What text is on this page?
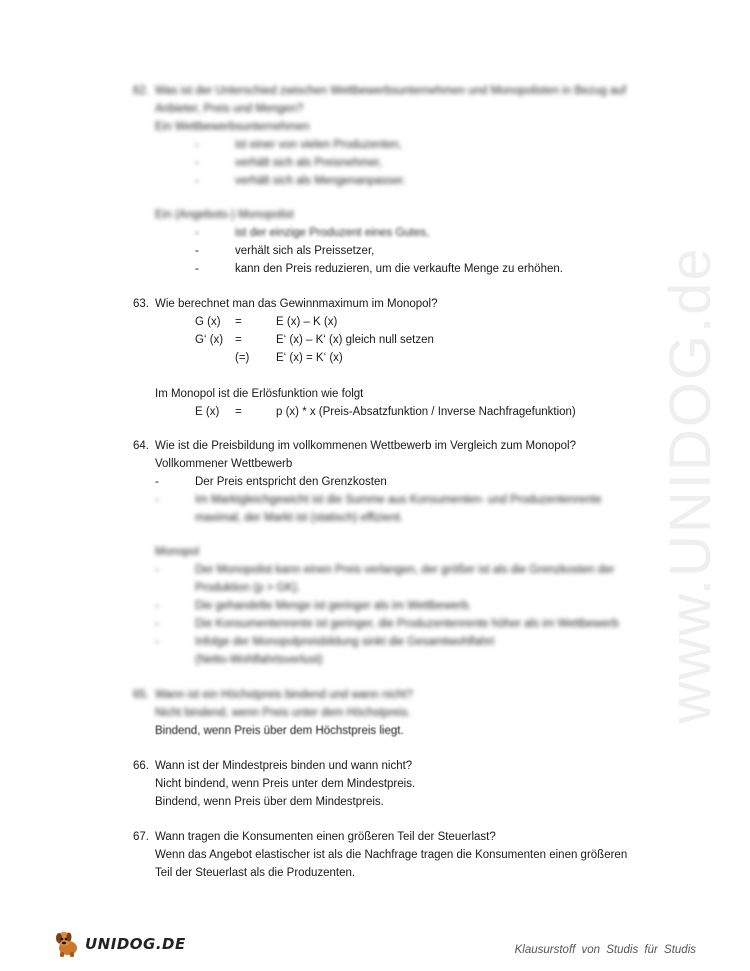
www.UNIDOG.de
62. Was ist der Unterschied zwischen Wettbewerbsunternehmen und Monopolisten in Bezug auf
Anbieter, Preis und Mengen?
Ein Wettbewerbsunternehmen
-	ist einer von vielen Produzenten,
-	verhält sich als Preisnehmer,
-	verhält sich als Mengenanpasser.
Ein (Angebots-) Monopolist
-	ist der einzige Produzent eines Gutes,
-	verhält sich als Preissetzer,
-	kann den Preis reduzieren, um die verkaufte Menge zu erhöhen.
63. Wie berechnet man das Gewinnmaximum im Monopol?
G (x) =	E (x) – K (x)
G‘ (x) =	E‘ (x) – K‘ (x) gleich null setzen
(=) E‘ (x) = K‘ (x)
Im Monopol ist die Erlösfunktion wie folgt
E (x) =	p (x) * x (Preis-Absatzfunktion / Inverse Nachfragefunktion)
64. Wie ist die Preisbildung im vollkommenen Wettbewerb im Vergleich zum Monopol?
Vollkommener Wettbewerb
-	Der Preis entspricht den Grenzkosten
-	Im Marktgleichgewicht ist die Summe aus Konsumenten- und Produzentenrente
maximal, der Markt ist (statisch) effizient.
Monopol
-	Der Monopolist kann einen Preis verlangen, der größer ist als die Grenzkosten der
Produktion (p > GK).
-	Die gehandelte Menge ist geringer als im Wettbewerb.
-	Die Konsumentenrente ist geringer, die Produzentenrente höher als im Wettbewerb
-	Infolge der Monopolpreisbildung sinkt die Gesamtwohlfahrt
(Netto-Wohlfahrtsverlust)
65. Wann ist ein Höchstpreis bindend und wann nicht?
Nicht bindend, wenn Preis unter dem Höchstpreis.
Bindend, wenn Preis über dem Höchstpreis liegt.
66. Wann ist der Mindestpreis binden und wann nicht?
Nicht bindend, wenn Preis unter dem Mindestpreis.
Bindend, wenn Preis über dem Mindestpreis.
67. Wann tragen die Konsumenten einen größeren Teil der Steuerlast?
Wenn das Angebot elastischer ist als die Nachfrage tragen die Konsumenten einen größeren
Teil der Steuerlast als die Produzenten.
UNIDOG.DE	Klausurstoff von Studis für Studis
